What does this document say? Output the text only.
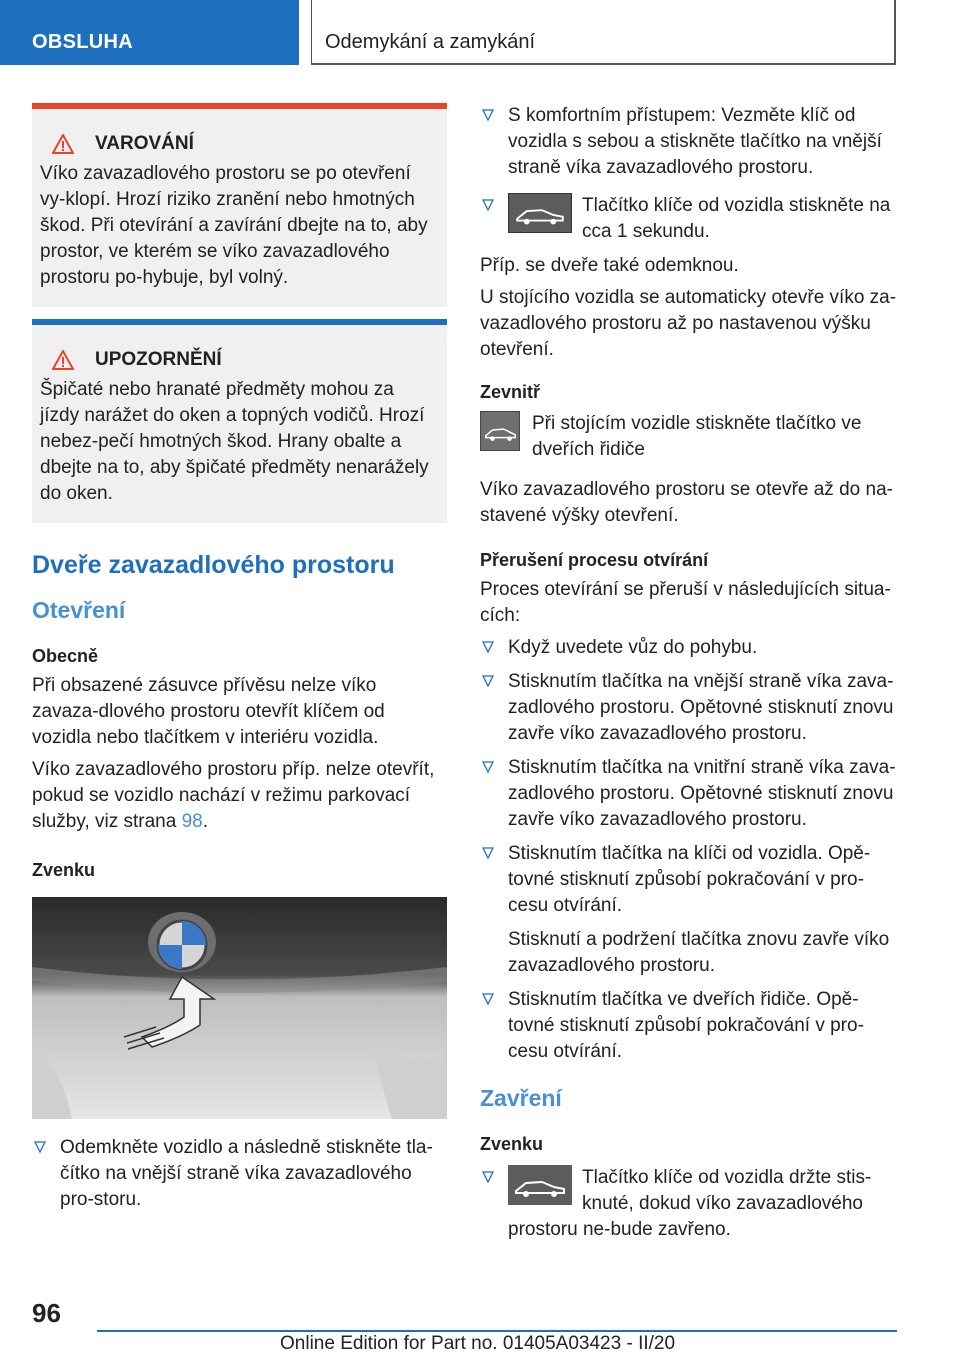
OBSLUHA	Odemykání a zamykání
VAROVÁNÍ

Víko zavazadlového prostoru se po otevření vy-klopí. Hrozí riziko zranění nebo hmotných škod. Při otevírání a zavírání dbejte na to, aby prostor, ve kterém se víko zavazadlového prostoru po-hybuje, byl volný.

UPOZORNĚNÍ

Špičaté nebo hranaté předměty mohou za jízdy narážet do oken a topných vodičů. Hrozí nebez-pečí hmotných škod. Hrany obalte a dbejte na to, aby špičaté předměty nenarážely do oken.

Dveře zavazadlového prostoru
Otevření
Obecně

Při obsazené zásuvce přívěsu nelze víko zavaza-dlového prostoru otevřít klíčem od vozidla nebo tlačítkem v interiéru vozidla.

Víko zavazadlového prostoru příp. nelze otevřít, pokud se vozidlo nachází v režimu parkovací služby, viz strana 98.

Zvenku
Odemkněte vozidlo a následně stiskněte tla-čítko na vnější straně víka zavazadlového pro-storu.
S komfortním přístupem: Vezměte klíč od vozidla s sebou a stiskněte tlačítko na vnější straně víka zavazadlového prostoru.
Tlačítko klíče od vozidla stiskněte na cca 1 sekundu.

Příp. se dveře také odemknou.

U stojícího vozidla se automaticky otevře víko za-vazadlového prostoru až po nastavenou výšku otevření.

Zevnitř
Při stojícím vozidle stiskněte tlačítko ve dveřích řidiče

Víko zavazadlového prostoru se otevře až do na-stavené výšky otevření.

Přerušení procesu otvírání

Proces otevírání se přeruší v následujících situa-cích:

Když uvedete vůz do pohybu.
Stisknutím tlačítka na vnější straně víka zava-zadlového prostoru. Opětovné stisknutí znovu zavře víko zavazadlového prostoru.
Stisknutím tlačítka na vnitřní straně víka zava-zadlového prostoru. Opětovné stisknutí znovu zavře víko zavazadlového prostoru.
Stisknutím tlačítka na klíči od vozidla. Opě-tovné stisknutí způsobí pokračování v pro-cesu otvírání.

Stisknutí a podržení tlačítka znovu zavře víko zavazadlového prostoru.

Stisknutím tlačítka ve dveřích řidiče. Opě-tovné stisknutí způsobí pokračování v pro-cesu otvírání.
Zavření
Zvenku
Tlačítko klíče od vozidla držte stis-knuté, dokud víko zavazadlového prostoru ne-bude zavřeno.
96
Online Edition for Part no. 01405A03423 - II/20
